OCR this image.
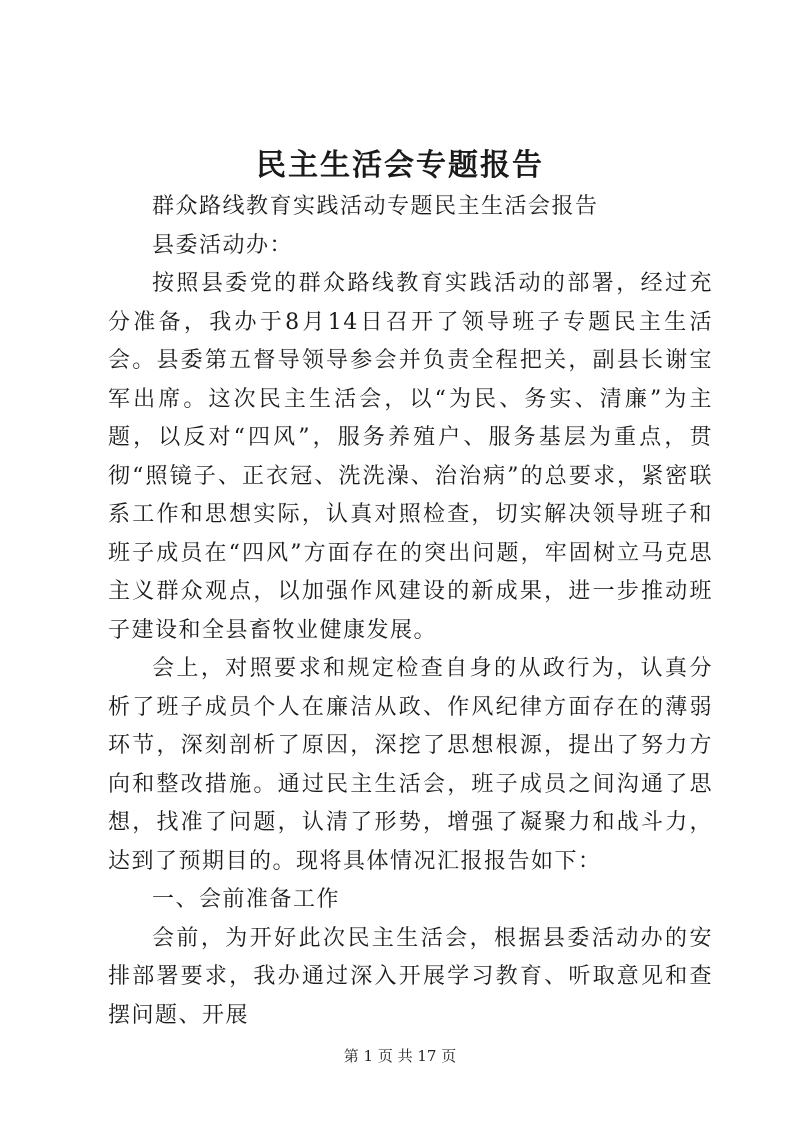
民主生活会专题报告

群众路线教育实践活动专题民主生活会报告

县委活动办：

按照县委党的群众路线教育实践活动的部署，经过充分准备，我办于8月14日召开了领导班子专题民主生活会。县委第五督导领导参会并负责全程把关，副县长谢宝军出席。这次民主生活会，以“为民、务实、清廉”为主题，以反对“四风”，服务养殖户、服务基层为重点，贯彻“照镜子、正衣冠、洗洗澡、治治病”的总要求，紧密联系工作和思想实际，认真对照检查，切实解决领导班子和班子成员在“四风”方面存在的突出问题，牢固树立马克思主义群众观点，以加强作风建设的新成果，进一步推动班子建设和全县畜牧业健康发展。

会上，对照要求和规定检查自身的从政行为，认真分析了班子成员个人在廉洁从政、作风纪律方面存在的薄弱环节，深刻剖析了原因，深挖了思想根源，提出了努力方向和整改措施。通过民主生活会，班子成员之间沟通了思想，找准了问题，认清了形势，增强了凝聚力和战斗力，达到了预期目的。现将具体情况汇报报告如下：

一、会前准备工作

会前，为开好此次民主生活会，根据县委活动办的安排部署要求，我办通过深入开展学习教育、听取意见和查摆问题、开展

第 1 页 共 17 页
